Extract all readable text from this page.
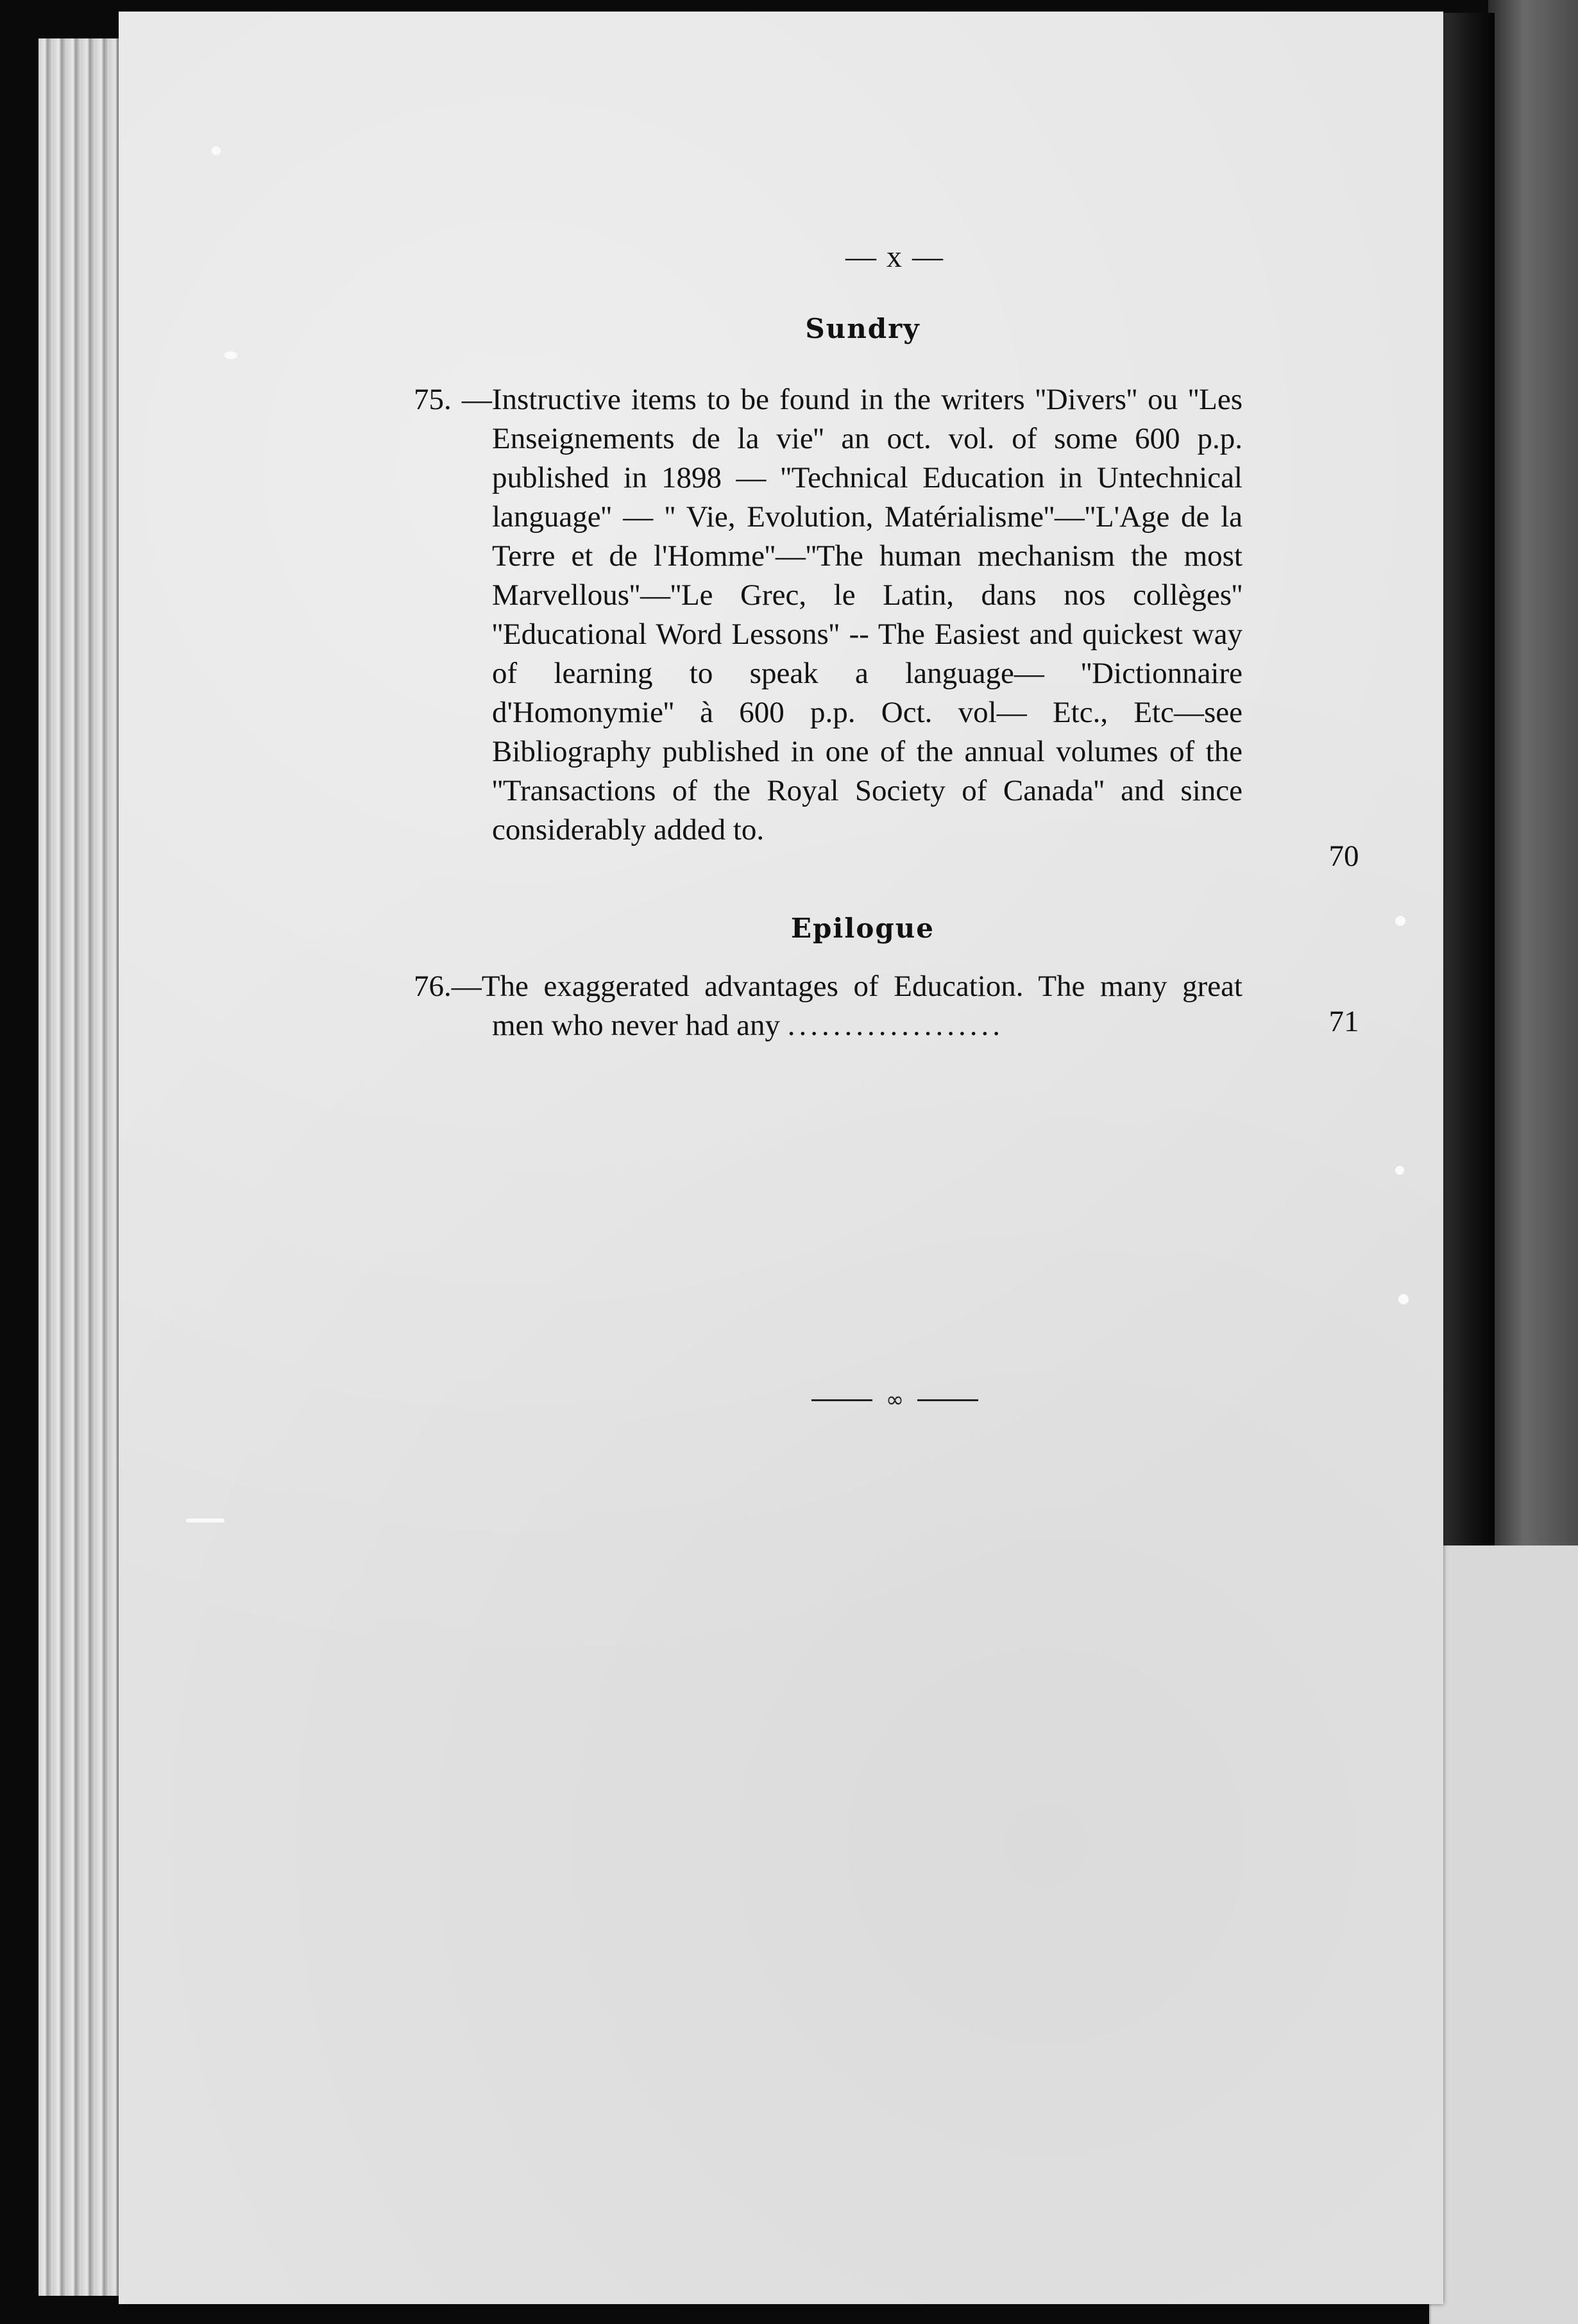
— x —
Sundry
75. —Instructive items to be found in the writers ''Divers'' ou ''Les Enseignements de la vie'' an oct. vol. of some 600 p.p. published in 1898 — ''Technical Education in Untechnical language'' — '' Vie, Evolution, Matérialisme''—''L'Age de la Terre et de l'Homme''—''The human mechanism the most Marvellous''—''Le Grec, le Latin, dans nos collèges'' ''Educational Word Lessons'' -- The Easiest and quickest way of learning to speak a language— ''Dictionnaire d'Homonymie'' à 600 p.p. Oct. vol— Etc., Etc—see Bibliography published in one of the annual volumes of the ''Transactions of the Royal Society of Canada'' and since considerably added to.
70
Epilogue
76.—The exaggerated advantages of Education. The many great men who never had any ...................	71
∞
